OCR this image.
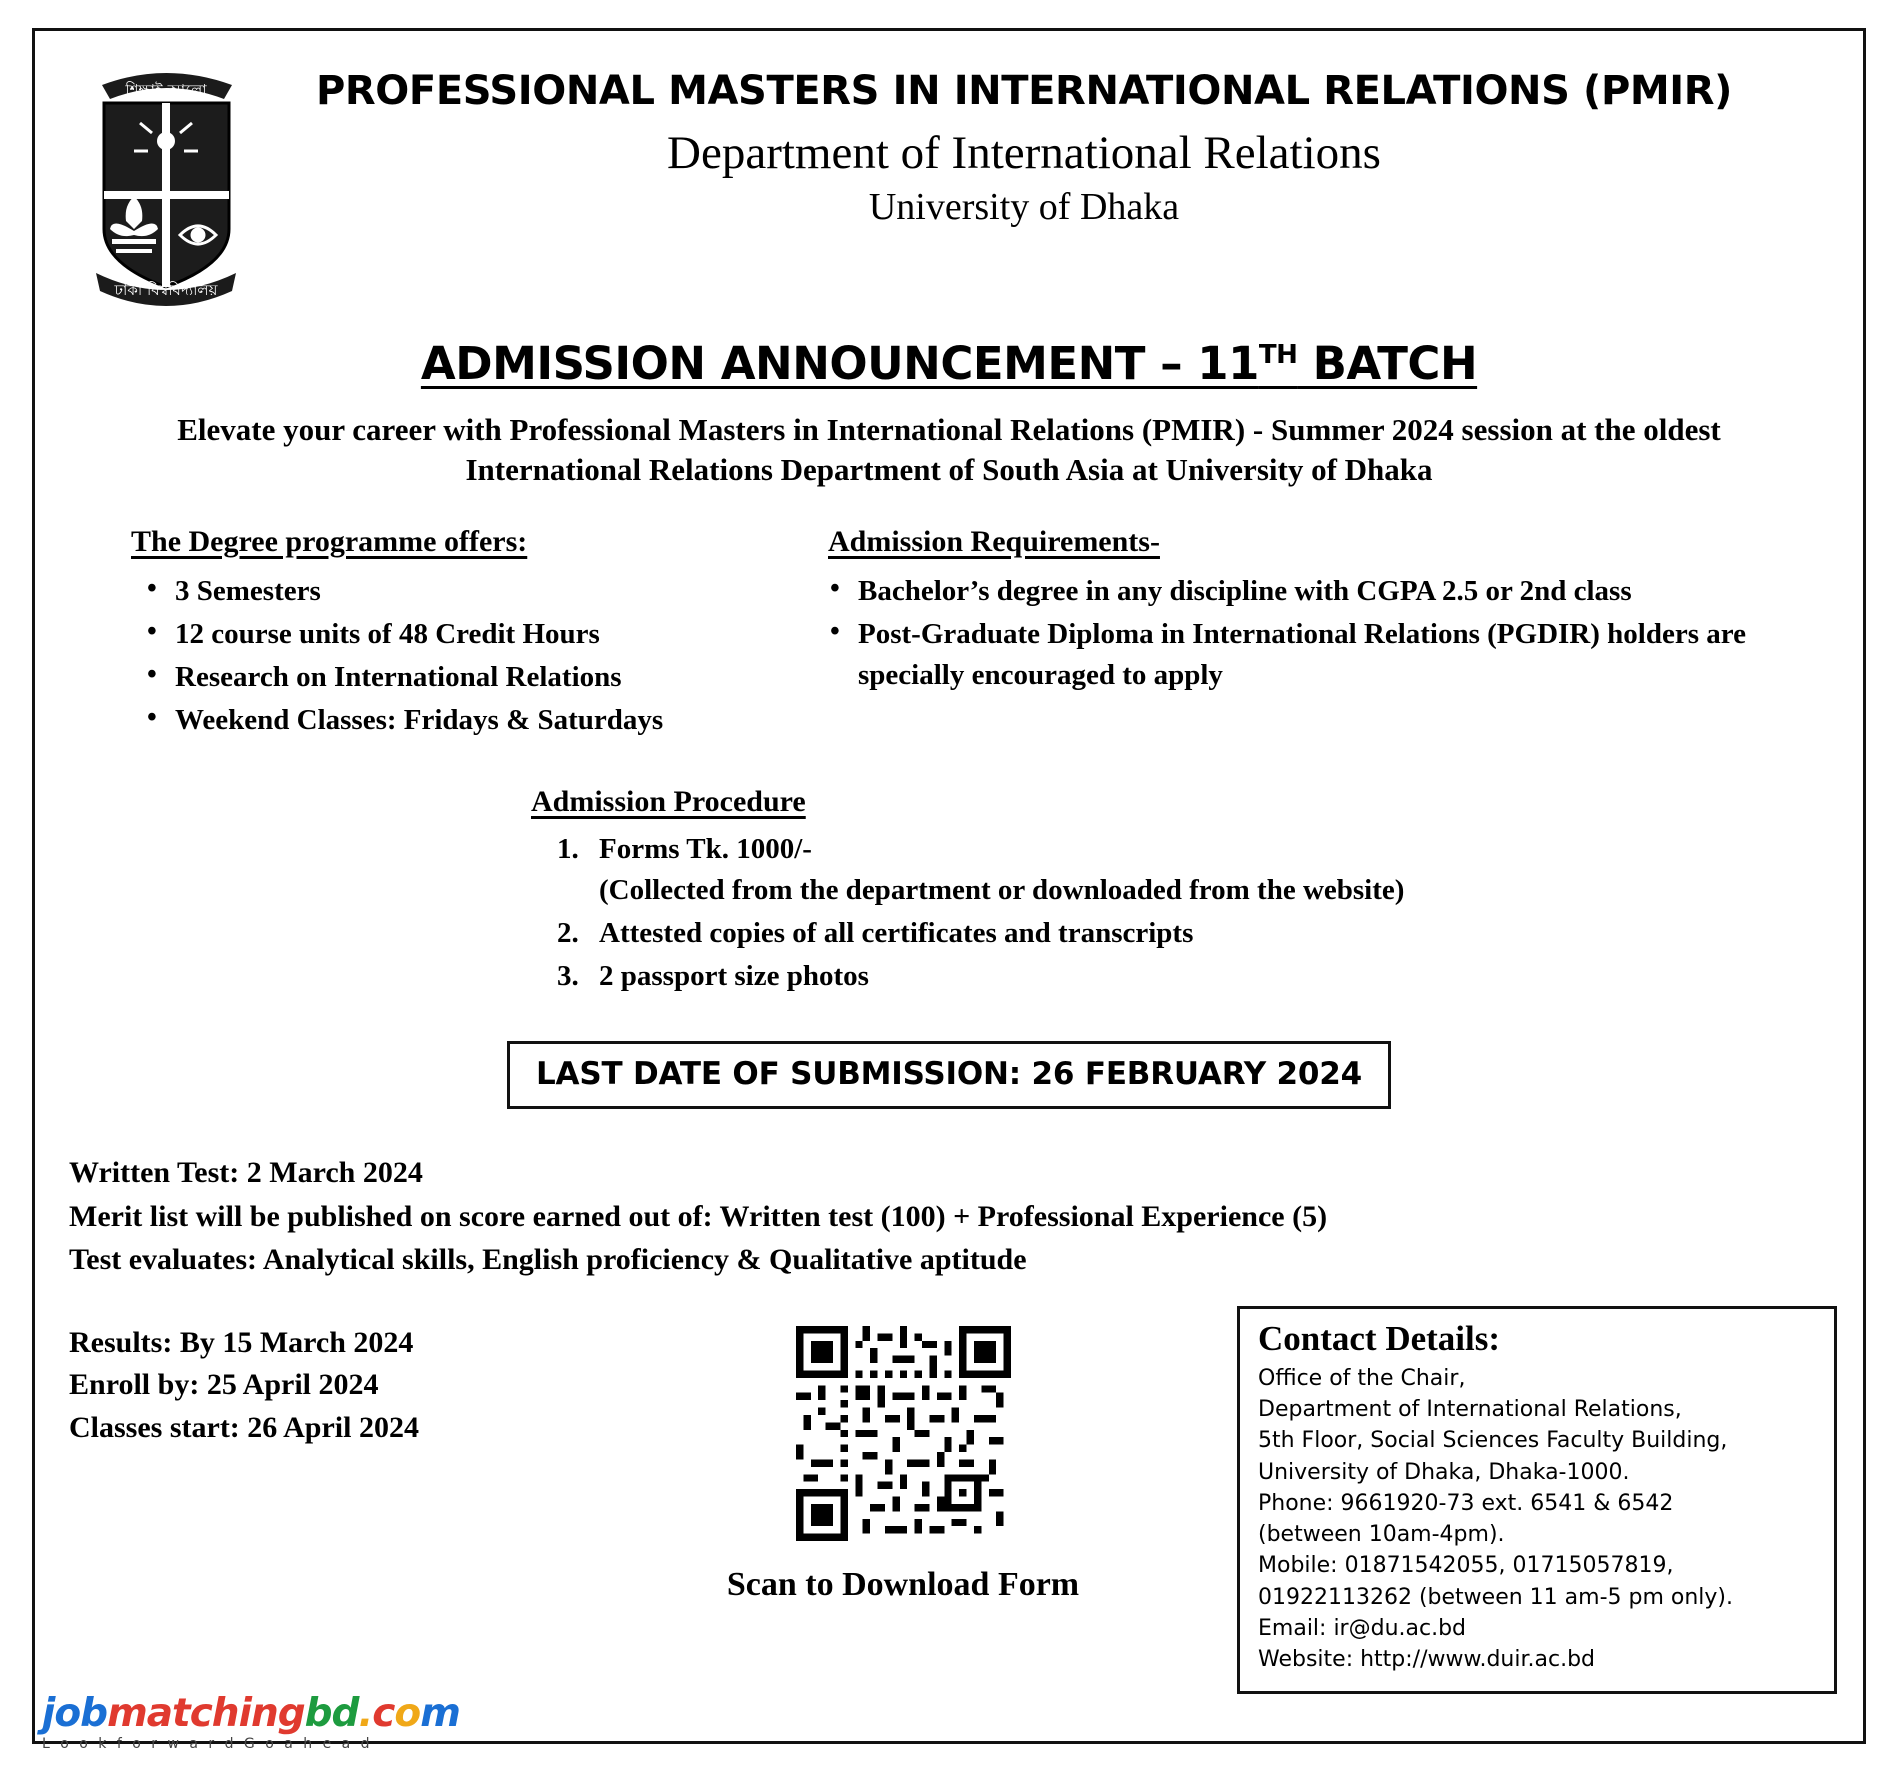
শিক্ষাই আলো
ঢাকা বিশ্ববিদ্যালয়
PROFESSIONAL MASTERS IN INTERNATIONAL RELATIONS (PMIR)
Department of International Relations
University of Dhaka
ADMISSION ANNOUNCEMENT – 11TH BATCH
Elevate your career with Professional Masters in International Relations (PMIR) - Summer 2024 session at the oldest International Relations Department of South Asia at University of Dhaka
The Degree programme offers:
• 3 Semesters
• 12 course units of 48 Credit Hours
• Research on International Relations
• Weekend Classes: Fridays & Saturdays
Admission Requirements-
• Bachelor’s degree in any discipline with CGPA 2.5 or 2nd class
• Post-Graduate Diploma in International Relations (PGDIR) holders are specially encouraged to apply
Admission Procedure
Forms Tk. 1000/-
(Collected from the department or downloaded from the website)
Attested copies of all certificates and transcripts
2 passport size photos
LAST DATE OF SUBMISSION: 26 FEBRUARY 2024
Written Test: 2 March 2024
Merit list will be published on score earned out of: Written test (100) + Professional Experience (5)
Test evaluates: Analytical skills, English proficiency & Qualitative aptitude
Results: By 15 March 2024
Enroll by: 25 April 2024
Classes start: 26 April 2024
Scan to Download Form
Contact Details:
Office of the Chair,
Department of International Relations,
5th Floor, Social Sciences Faculty Building,
University of Dhaka, Dhaka-1000.
Phone: 9661920-73 ext. 6541 & 6542
(between 10am-4pm).
Mobile: 01871542055, 01715057819,
01922113262 (between 11 am-5 pm only).
Email: ir@du.ac.bd
Website: http://www.duir.ac.bd
jobmatchingbd.com
L o o k f o r w a r d G o a h e a d
